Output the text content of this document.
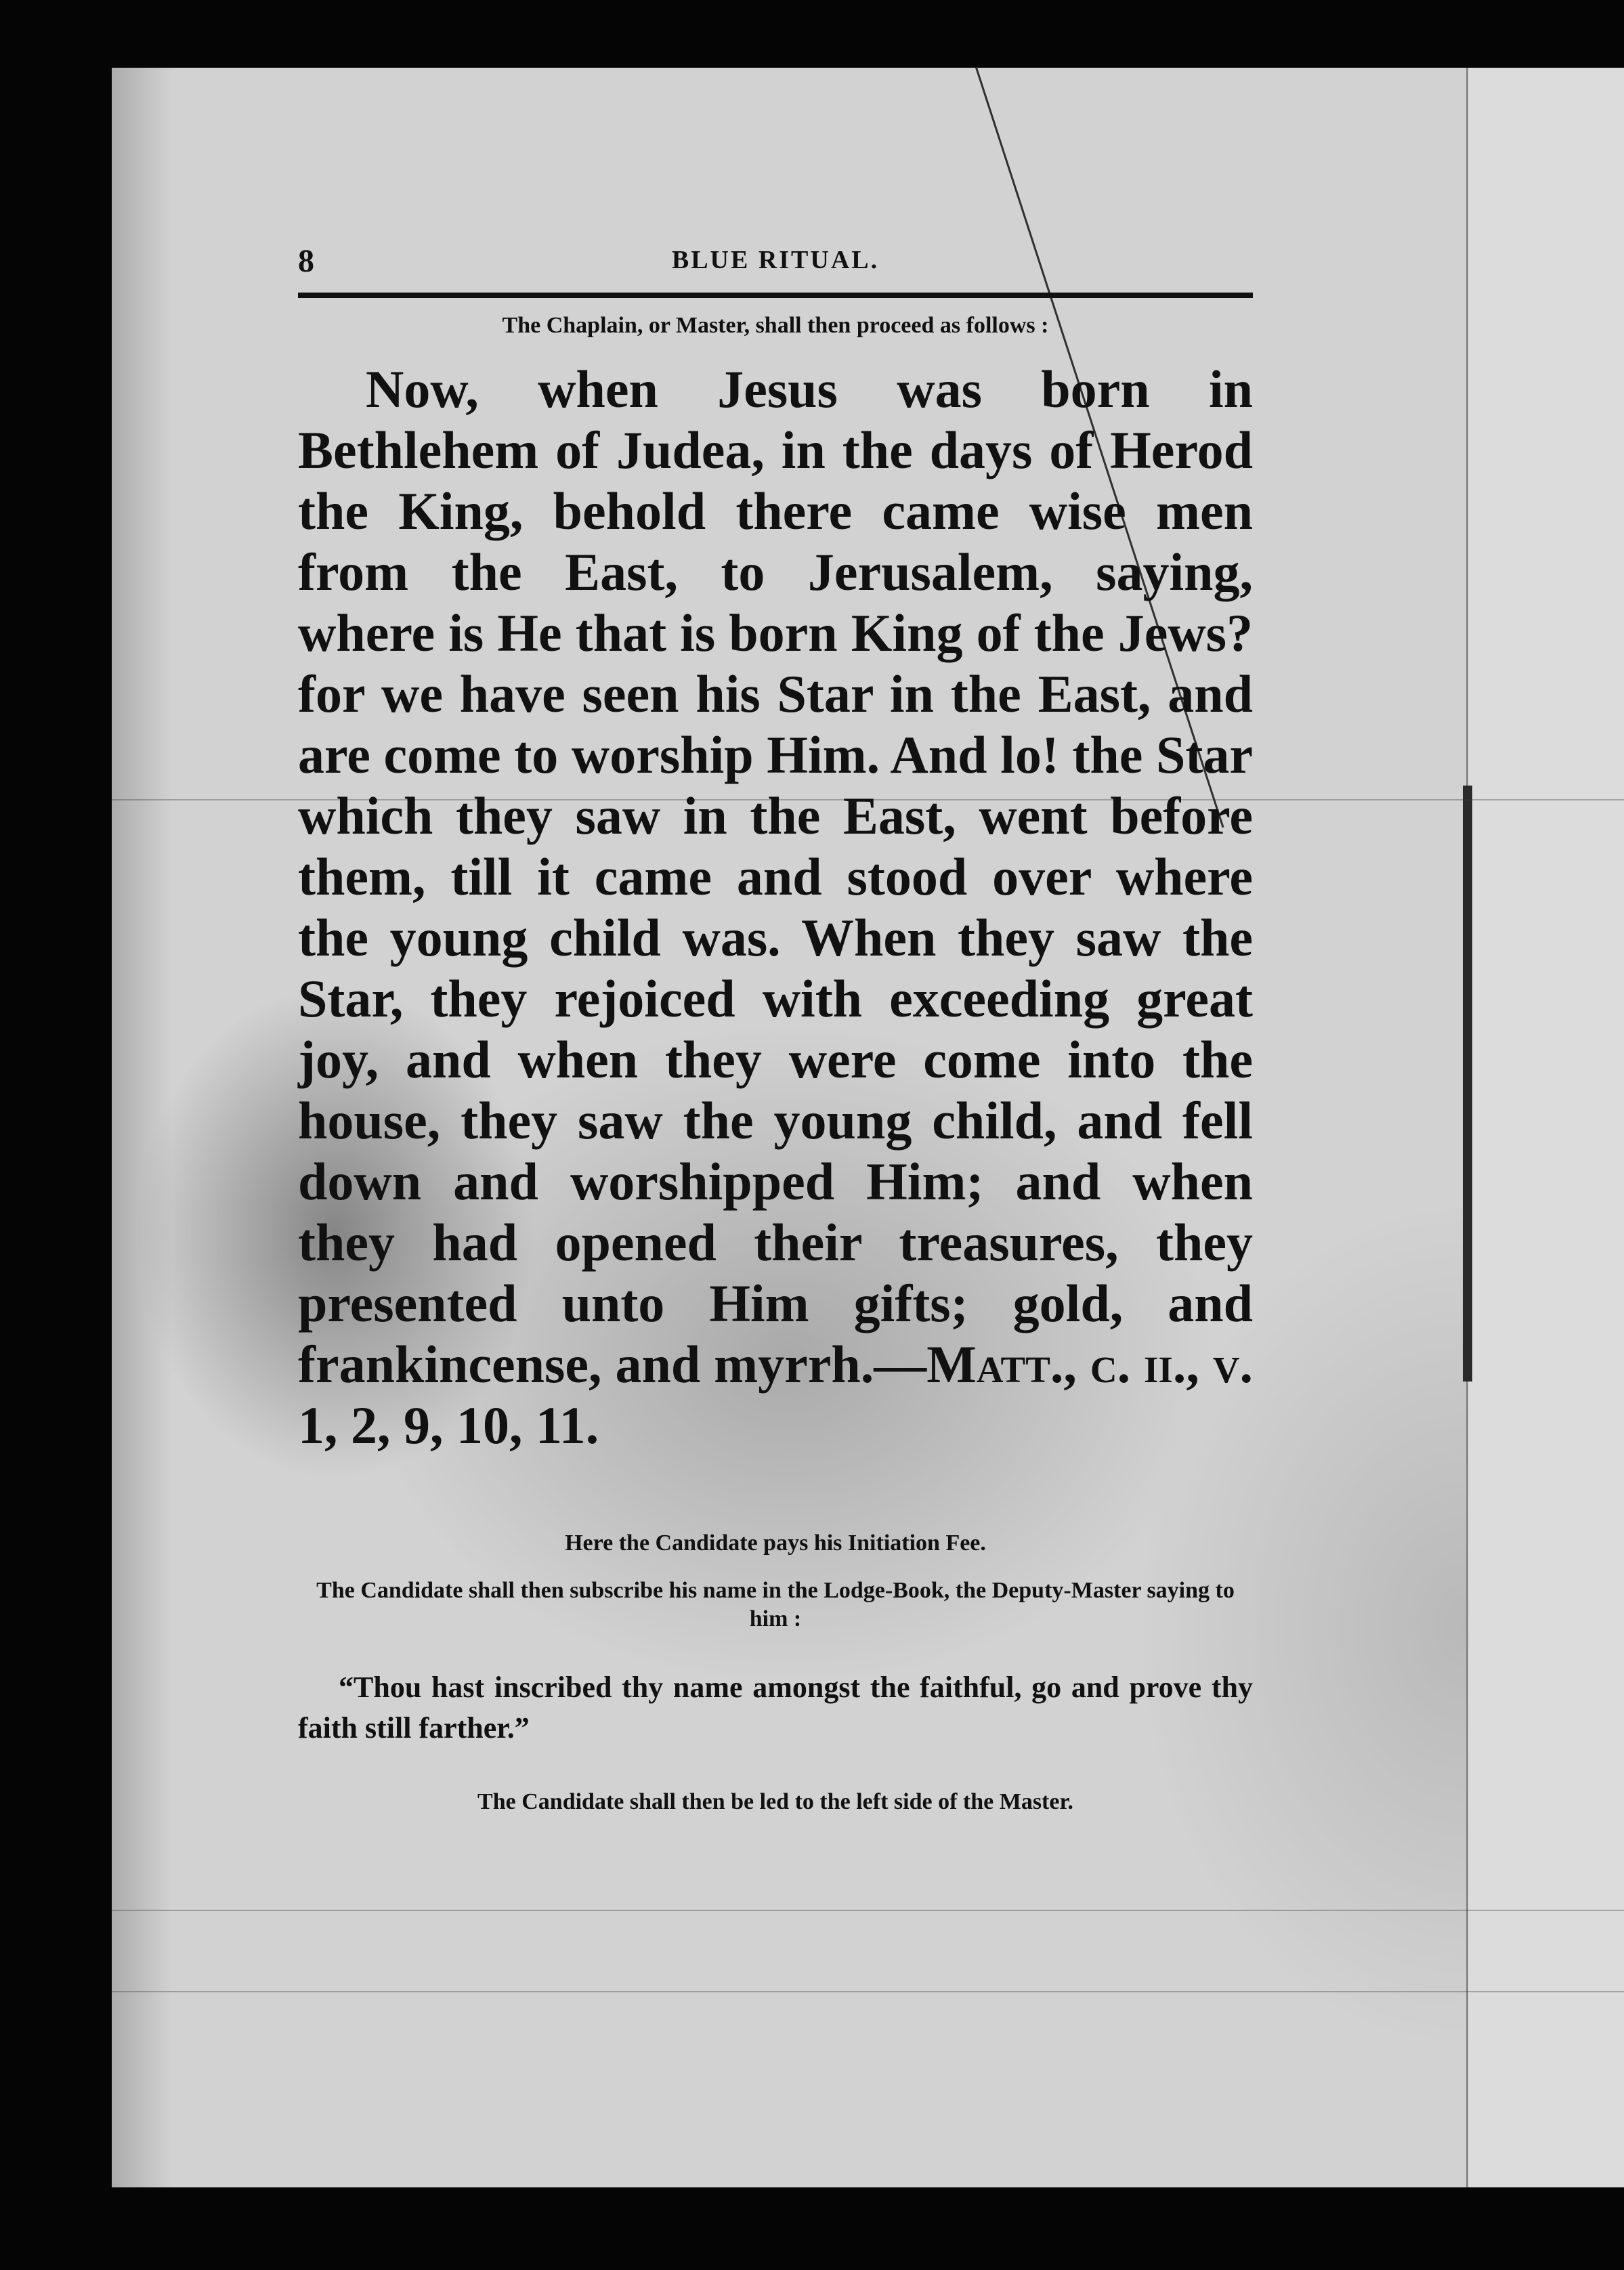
8	BLUE RITUAL.

The Chaplain, or Master, shall then proceed as follows :

Now, when Jesus was born in Bethlehem of Judea, in the days of Herod the King, behold there came wise men from the East, to Jerusalem, saying, where is He that is born King of the Jews? for we have seen his Star in the East, and are come to worship Him. And lo! the Star which they saw in the East, went before them, till it came and stood over where the young child was. When they saw the Star, they rejoiced with exceeding great joy, and when they were come into the house, they saw the young child, and fell down and worshipped Him; and when they had opened their treasures, they presented unto Him gifts; gold, and frankincense, and myrrh.—Matt., c. ii., v. 1, 2, 9, 10, 11.

Here the Candidate pays his Initiation Fee.

The Candidate shall then subscribe his name in the Lodge-Book, the Deputy-Master saying to him :

“Thou hast inscribed thy name amongst the faithful, go and prove thy faith still farther.”

The Candidate shall then be led to the left side of the Master.
